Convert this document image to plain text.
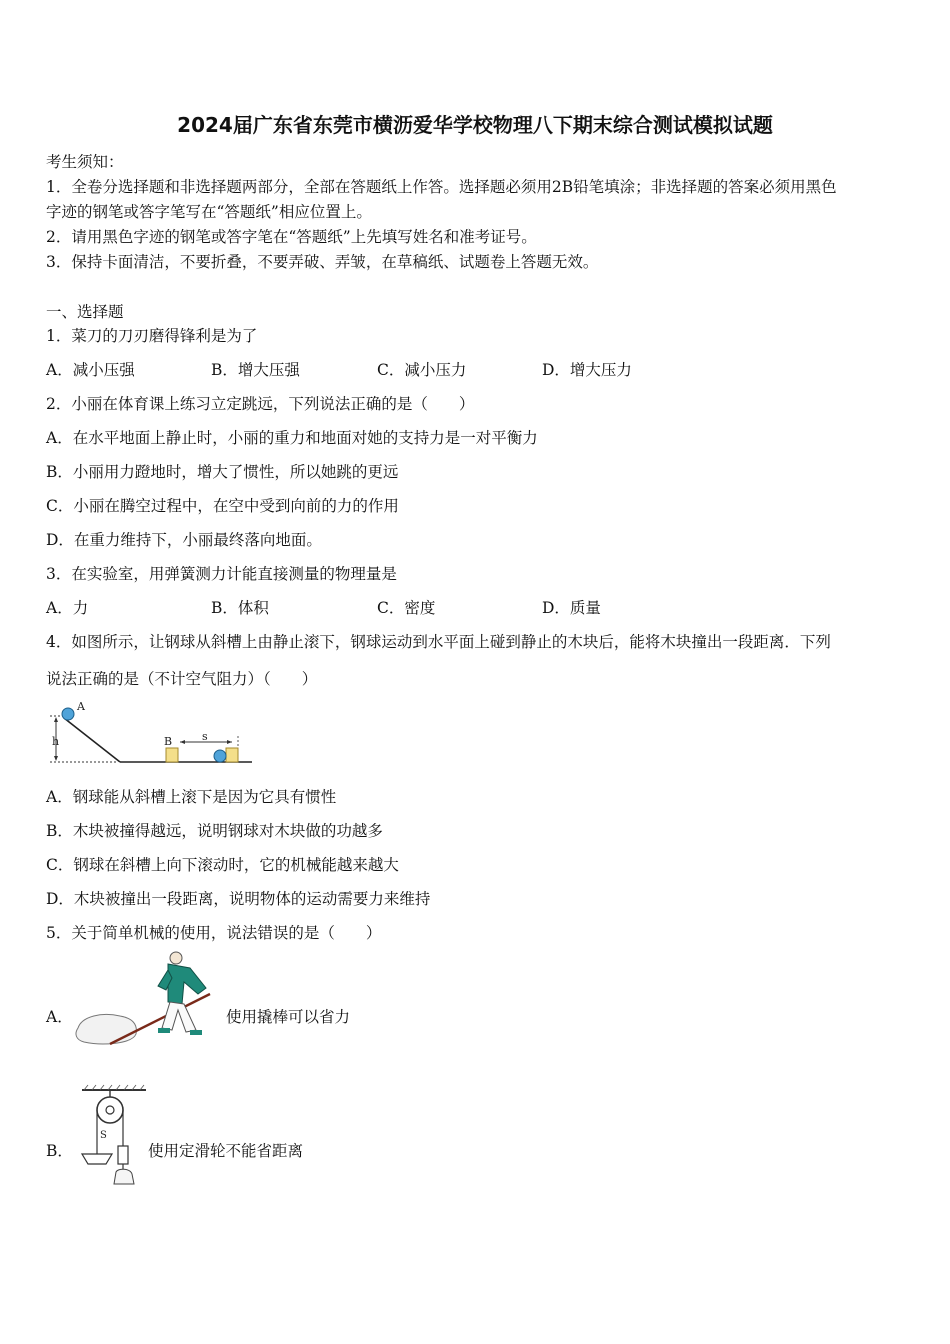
2024届广东省东莞市横沥爱华学校物理八下期末综合测试模拟试题
考生须知：
1．全卷分选择题和非选择题两部分，全部在答题纸上作答。选择题必须用2B铅笔填涂；非选择题的答案必须用黑色
字迹的钢笔或答字笔写在“答题纸”相应位置上。
2．请用黑色字迹的钢笔或答字笔在“答题纸”上先填写姓名和准考证号。
3．保持卡面清洁，不要折叠，不要弄破、弄皱，在草稿纸、试题卷上答题无效。
一、选择题
1．菜刀的刀刃磨得锋利是为了
A．减小压强	B．增大压强	C．减小压力	D．增大压力
2．小丽在体育课上练习立定跳远，下列说法正确的是（　　）
A．在水平地面上静止时，小丽的重力和地面对她的支持力是一对平衡力
B．小丽用力蹬地时，增大了惯性，所以她跳的更远
C．小丽在腾空过程中，在空中受到向前的力的作用
D．在重力维持下，小丽最终落向地面。
3．在实验室，用弹簧测力计能直接测量的物理量是
A．力	B．体积	C．密度	D．质量
4．如图所示，让钢球从斜槽上由静止滚下，钢球运动到水平面上碰到静止的木块后，能将木块撞出一段距离．下列
说法正确的是（不计空气阻力）（　　）
h
A
B	s
A．钢球能从斜槽上滚下是因为它具有惯性
B．木块被撞得越远，说明钢球对木块做的功越多
C．钢球在斜槽上向下滚动时，它的机械能越来越大
D．木块被撞出一段距离，说明物体的运动需要力来维持
5．关于简单机械的使用，说法错误的是（　　）
A．	使用撬棒可以省力
B．
S
使用定滑轮不能省距离
